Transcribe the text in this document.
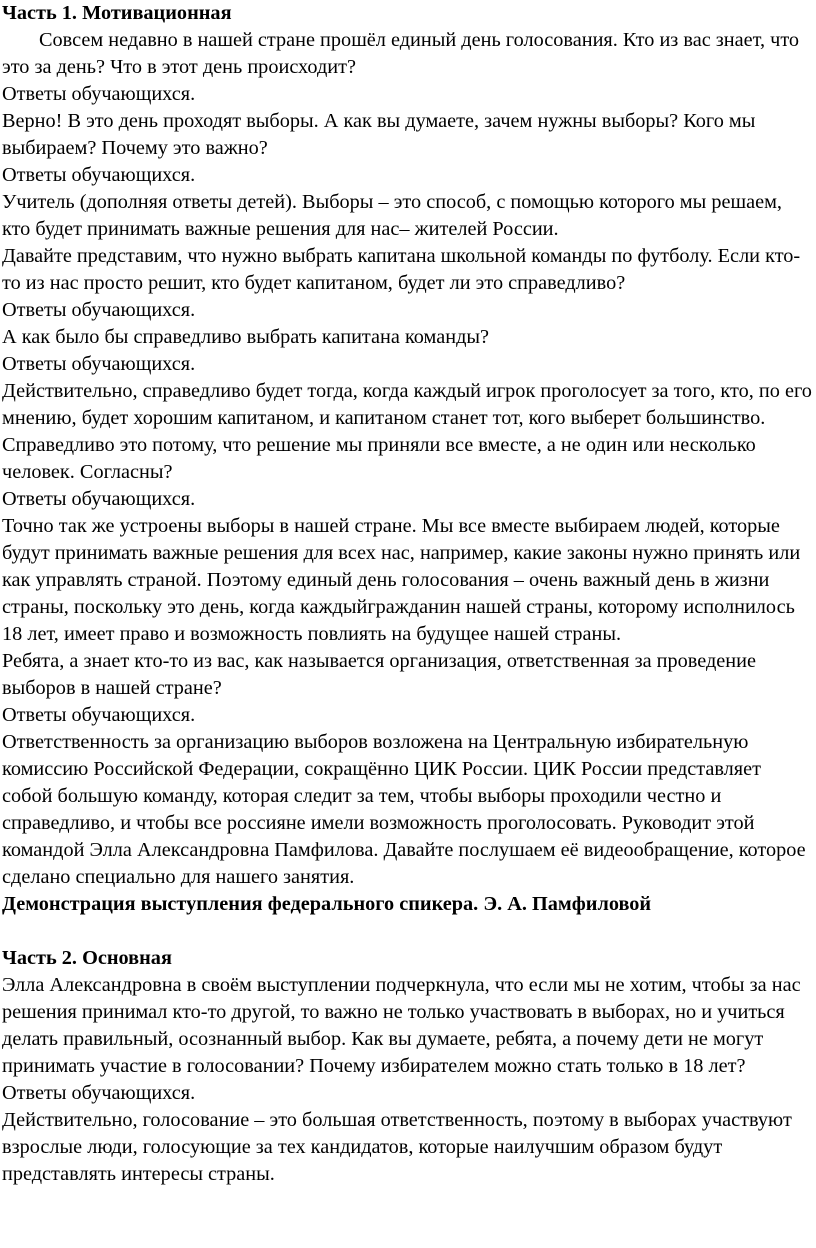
Часть 1. Мотивационная

Совсем недавно в нашей стране прошёл единый день голосования. Кто из вас знает, что это за день? Что в этот день происходит?

Ответы обучающихся.

Верно! В это день проходят выборы. А как вы думаете, зачем нужны выборы? Кого мы выбираем? Почему это важно?

Ответы обучающихся.

Учитель (дополняя ответы детей). Выборы – это способ, с помощью которого мы решаем, кто будет принимать важные решения для нас– жителей России.

Давайте представим, что нужно выбрать капитана школьной команды по футболу. Если кто-то из нас просто решит, кто будет капитаном, будет ли это справедливо?

Ответы обучающихся.

А как было бы справедливо выбрать капитана команды?

Ответы обучающихся.

Действительно, справедливо будет тогда, когда каждый игрок проголосует за того, кто, по его мнению, будет хорошим капитаном, и капитаном станет тот, кого выберет большинство. Справедливо это потому, что решение мы приняли все вместе, а не один или несколько человек. Согласны?

Ответы обучающихся.

Точно так же устроены выборы в нашей стране. Мы все вместе выбираем людей, которые будут принимать важные решения для всех нас, например, какие законы нужно принять или как управлять страной. Поэтому единый день голосования – очень важный день в жизни страны, поскольку это день, когда каждыйгражданин нашей страны, которому исполнилось 18 лет, имеет право и возможность повлиять на будущее нашей страны.

Ребята, а знает кто-то из вас, как называется организация, ответственная за проведение выборов в нашей стране?

Ответы обучающихся.

Ответственность за организацию выборов возложена на Центральную избирательную комиссию Российской Федерации, сокращённо ЦИК России. ЦИК России представляет собой большую команду, которая следит за тем, чтобы выборы проходили честно и справедливо, и чтобы все россияне имели возможность проголосовать. Руководит этой командой Элла Александровна Памфилова. Давайте послушаем её видеообращение, которое сделано специально для нашего занятия.

Демонстрация выступления федерального спикера. Э. А. Памфиловой

Часть 2. Основная

Элла Александровна в своём выступлении подчеркнула, что если мы не хотим, чтобы за нас решения принимал кто-то другой, то важно не только участвовать в выборах, но и учиться делать правильный, осознанный выбор. Как вы думаете, ребята, а почему дети не могут принимать участие в голосовании? Почему избирателем можно стать только в 18 лет?

Ответы обучающихся.

Действительно, голосование – это большая ответственность, поэтому в выборах участвуют взрослые люди, голосующие за тех кандидатов, которые наилучшим образом будут представлять интересы страны.
